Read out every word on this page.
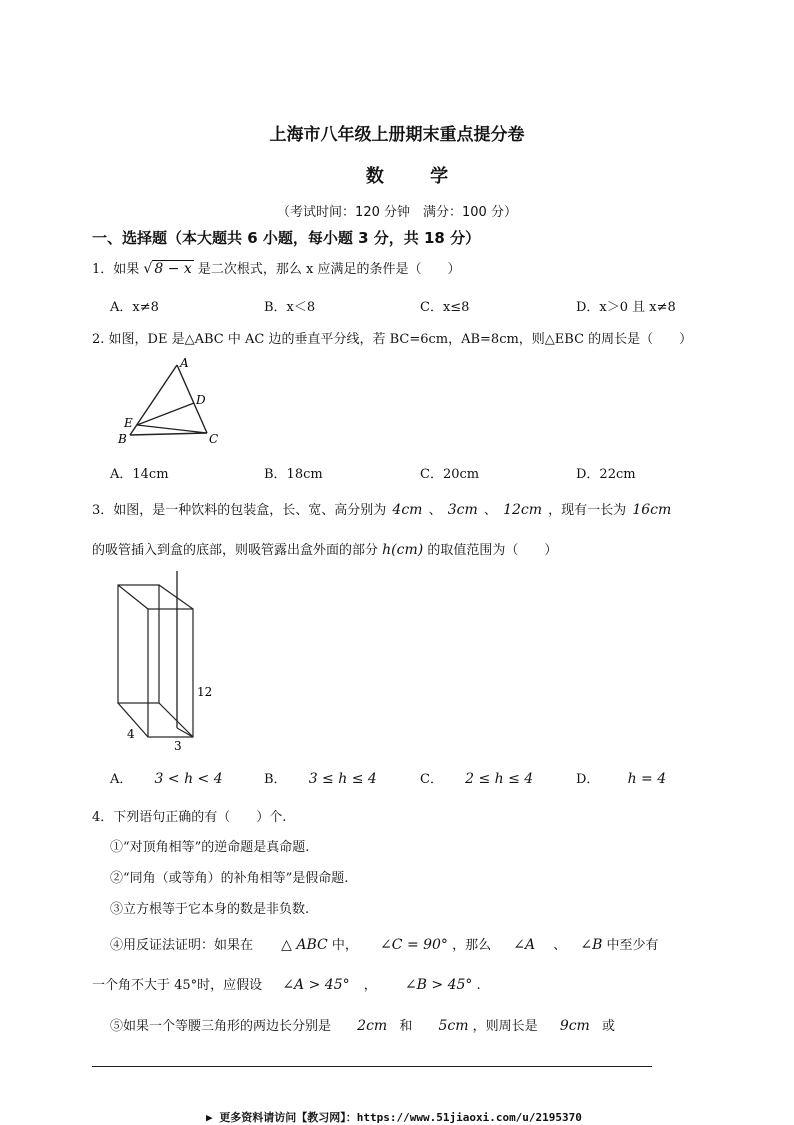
上海市八年级上册期末重点提分卷
数 学
（考试时间：120 分钟　满分：100 分）
一、选择题（本大题共 6 小题，每小题 3 分，共 18 分）
1．如果 √ 8 − x 是二次根式，那么 x 应满足的条件是（　　）
A．x≠8	B．x＜8	C．x≤8	D．x＞0 且 x≠8
2. 如图，DE 是△ABC 中 AC 边的垂直平分线，若 BC=6cm，AB=8cm，则△EBC 的周长是（　　）
A
D
E
B	C
A．14cm	B．18cm	C．20cm	D．22cm
3．如图，是一种饮料的包装盒，长、宽、高分别为 4cm 、 3cm 、 12cm ，现有一长为 16cm
的吸管插入到盒的底部，则吸管露出盒外面的部分 h(cm) 的取值范围为（　　）
12
4
3
A． 3 < h < 4	B． 3 ≤ h ≤ 4	C． 2 ≤ h ≤ 4	D． h = 4
4．下列语句正确的有（　　）个.
①“对顶角相等”的逆命题是真命题.
②“同角（或等角）的补角相等”是假命题.
③立方根等于它本身的数是非负数.
④用反证法证明：如果在 △ ABC 中， ∠C = 90° ，那么 ∠A 、 ∠B 中至少有
一个角不大于 45°时，应假设 ∠A > 45° ， ∠B > 45° .
⑤如果一个等腰三角形的两边长分别是 2cm 和 5cm ，则周长是 9cm 或
▶ 更多资料请访问【教习网】：https://www.51jiaoxi.com/u/2195370
